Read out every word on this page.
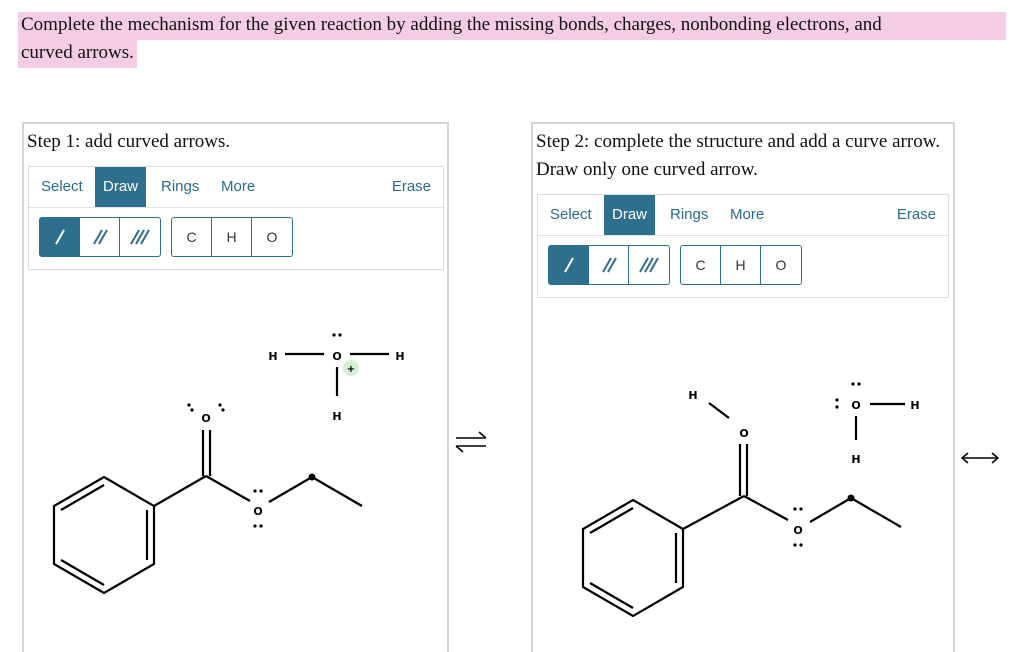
Complete the mechanism for the given reaction by adding the missing bonds, charges, nonbonding electrons, and
curved arrows.
Step 1: add curved arrows.
Select	Draw	Rings	More	Erase
C	H	O
H	O	H
H
+
O
O
Step 2: complete the structure and add a curve arrow. Draw only one curved arrow.
Select	Draw	Rings	More	Erase
C	H	O
O	H
H
H
O
O
